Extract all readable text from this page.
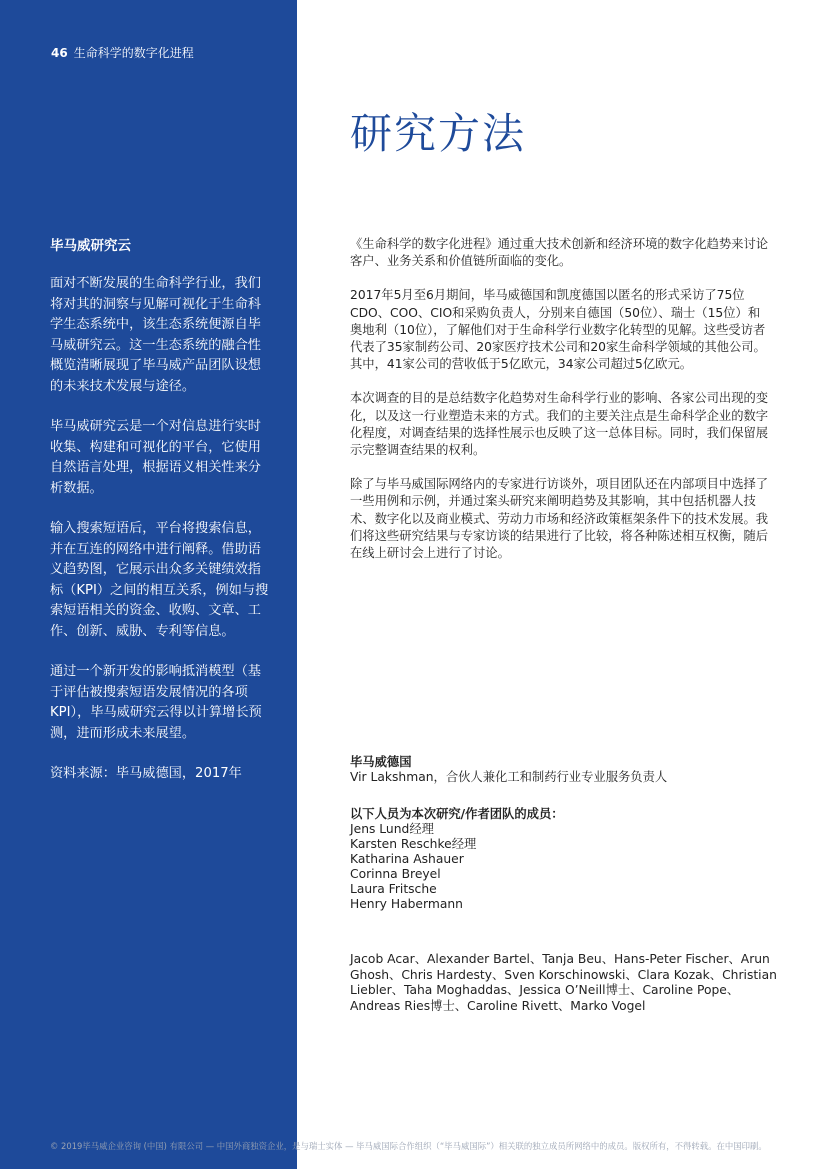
46 生命科学的数字化进程
毕马威研究云

面对不断发展的生命科学行业，我们将对其的洞察与见解可视化于生命科学生态系统中，该生态系统便源自毕马威研究云。这一生态系统的融合性概览清晰展现了毕马威产品团队设想的未来技术发展与途径。

毕马威研究云是一个对信息进行实时收集、构建和可视化的平台，它使用自然语言处理，根据语义相关性来分析数据。

输入搜索短语后，平台将搜索信息，并在互连的网络中进行阐释。借助语义趋势图，它展示出众多关键绩效指标（KPI）之间的相互关系，例如与搜索短语相关的资金、收购、文章、工作、创新、威胁、专利等信息。

通过一个新开发的影响抵消模型（基于评估被搜索短语发展情况的各项KPI），毕马威研究云得以计算增长预测，进而形成未来展望。

资料来源：毕马威德国，2017年
研究方法

《生命科学的数字化进程》通过重大技术创新和经济环境的数字化趋势来讨论客户、业务关系和价值链所面临的变化。

2017年5月至6月期间，毕马威德国和凯度德国以匿名的形式采访了75位CDO、COO、CIO和采购负责人，分别来自德国（50位）、瑞士（15位）和奥地利（10位），了解他们对于生命科学行业数字化转型的见解。这些受访者代表了35家制药公司、20家医疗技术公司和20家生命科学领域的其他公司。其中，41家公司的营收低于5亿欧元，34家公司超过5亿欧元。

本次调查的目的是总结数字化趋势对生命科学行业的影响、各家公司出现的变化，以及这一行业塑造未来的方式。我们的主要关注点是生命科学企业的数字化程度，对调查结果的选择性展示也反映了这一总体目标。同时，我们保留展示完整调查结果的权利。

除了与毕马威国际网络内的专家进行访谈外，项目团队还在内部项目中选择了一些用例和示例，并通过案头研究来阐明趋势及其影响，其中包括机器人技术、数字化以及商业模式、劳动力市场和经济政策框架条件下的技术发展。我们将这些研究结果与专家访谈的结果进行了比较，将各种陈述相互权衡，随后在线上研讨会上进行了讨论。

毕马威德国
Vir Lakshman，合伙人兼化工和制药行业专业服务负责人
以下人员为本次研究/作者团队的成员：
Jens Lund经理
Karsten Reschke经理
Katharina Ashauer
Corinna Breyel
Laura Fritsche
Henry Habermann
Jacob Acar、Alexander Bartel、Tanja Beu、Hans-Peter Fischer、Arun Ghosh、Chris Hardesty、Sven Korschinowski、Clara Kozak、Christian Liebler、Taha Moghaddas、Jessica O’Neill博士、Caroline Pope、Andreas Ries博士、Caroline Rivett、Marko Vogel
© 2019毕马威企业咨询 (中国) 有限公司 — 中国外商独资企业，是与瑞士实体 — 毕马威国际合作组织（“毕马威国际”）相关联的独立成员所网络中的成员。版权所有，不得转载。在中国印刷。
